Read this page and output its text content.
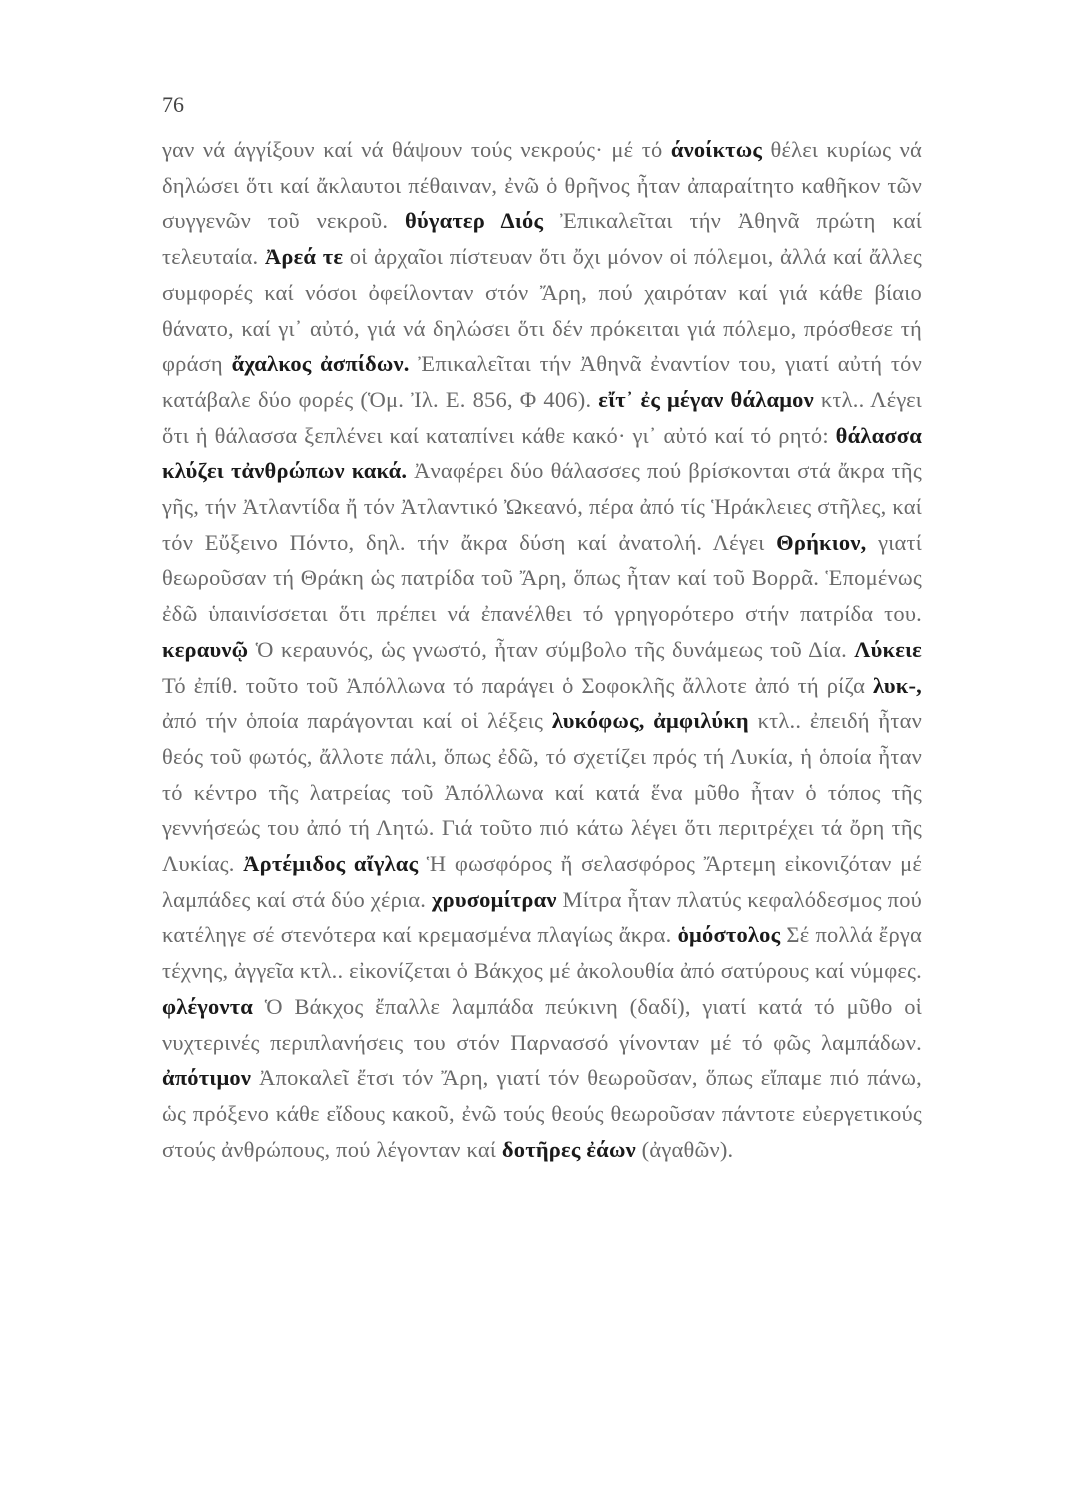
76
γαν νά άγγίξουν καί νά θάψουν τούς νεκρούς· μέ τό άνοίκτως θέλει κυρίως νά δηλώσει ὅτι καί ἄκλαυτοι πέθαιναν, ἐνῶ ὁ θρῆνος ἦταν ἀπαραίτητο καθῆκον τῶν συγγενῶν τοῦ νεκροῦ. θύγατερ Διός Ἐπικαλεῖται τήν Ἀθηνᾶ πρώτη καί τελευταία. Ἀρεά τε οἱ ἀρχαῖοι πίστευαν ὅτι ὄχι μόνον οἱ πόλεμοι, ἀλλά καί ἄλλες συμφορές καί νόσοι ὀφείλονταν στόν Ἄρη, πού χαιρόταν καί γιά κάθε βίαιο θάνατο, καί γι᾽ αὐτό, γιά νά δηλώσει ὅτι δέν πρόκειται γιά πόλεμο, πρόσθεσε τή φράση ἄχαλκος ἀσπίδων. Ἐπικαλεῖται τήν Ἀθηνᾶ ἐναντίον του, γιατί αὐτή τόν κατάβαλε δύο φορές (Ὁμ. Ἰλ. Ε. 856, Φ 406). εἴτ᾽ ἐς μέγαν θάλαμον κτλ.. Λέγει ὅτι ἡ θάλασσα ξεπλένει καί καταπίνει κάθε κακό· γι᾽ αὐτό καί τό ρητό: θάλασσα κλύζει τἀνθρώπων κακά. Ἀναφέρει δύο θάλασσες πού βρίσκονται στά ἄκρα τῆς γῆς, τήν Ἀτλαντίδα ἤ τόν Ἀτλαντικό Ὠκεανό, πέρα ἀπό τίς Ἡράκλειες στῆλες, καί τόν Εὔξεινο Πόντο, δηλ. τήν ἄκρα δύση καί ἀνατολή. Λέγει Θρήκιον, γιατί θεωροῦσαν τή Θράκη ὡς πατρίδα τοῦ Ἄρη, ὅπως ἦταν καί τοῦ Βορρᾶ. Ἑπομένως ἐδῶ ὑπαινίσσεται ὅτι πρέπει νά ἐπανέλθει τό γρηγορότερο στήν πατρίδα του. κεραυνῷ Ὁ κεραυνός, ὡς γνωστό, ἦταν σύμβολο τῆς δυνάμεως τοῦ Δία. Λύκειε Τό ἐπίθ. τοῦτο τοῦ Ἀπόλλωνα τό παράγει ὁ Σοφοκλῆς ἄλλοτε ἀπό τή ρίζα λυκ-, ἀπό τήν ὁποία παράγονται καί οἱ λέξεις λυκόφως, ἀμφιλύκη κτλ.. ἐπειδή ἦταν θεός τοῦ φωτός, ἄλλοτε πάλι, ὅπως ἐδῶ, τό σχετίζει πρός τή Λυκία, ἡ ὁποία ἦταν τό κέντρο τῆς λατρείας τοῦ Ἀπόλλωνα καί κατά ἕνα μῦθο ἦταν ὁ τόπος τῆς γεννήσεώς του ἀπό τή Λητώ. Γιά τοῦτο πιό κάτω λέγει ὅτι περιτρέχει τά ὄρη τῆς Λυκίας. Ἀρτέμιδος αἴγλας Ἡ φωσφόρος ἤ σελασφόρος Ἄρτεμη εἰκονιζόταν μέ λαμπάδες καί στά δύο χέρια. χρυσομίτραν Μίτρα ἦταν πλατύς κεφαλόδεσμος πού κατέληγε σέ στενότερα καί κρεμασμένα πλαγίως ἄκρα. ὁμόστολος Σέ πολλά ἔργα τέχνης, ἀγγεῖα κτλ.. εἰκονίζεται ὁ Βάκχος μέ ἀκολουθία ἀπό σατύρους καί νύμφες. φλέγοντα Ὁ Βάκχος ἔπαλλε λαμπάδα πεύκινη (δαδί), γιατί κατά τό μῦθο οἱ νυχτερινές περιπλανήσεις του στόν Παρνασσό γίνονταν μέ τό φῶς λαμπάδων. ἀπότιμον Ἀποκαλεῖ ἔτσι τόν Ἄρη, γιατί τόν θεωροῦσαν, ὅπως εἴπαμε πιό πάνω, ὡς πρόξενο κάθε εἴδους κακοῦ, ἐνῶ τούς θεούς θεωροῦσαν πάντοτε εὐεργετικούς στούς ἀνθρώπους, πού λέγονταν καί δοτῆρες ἐάων (ἀγαθῶν).
